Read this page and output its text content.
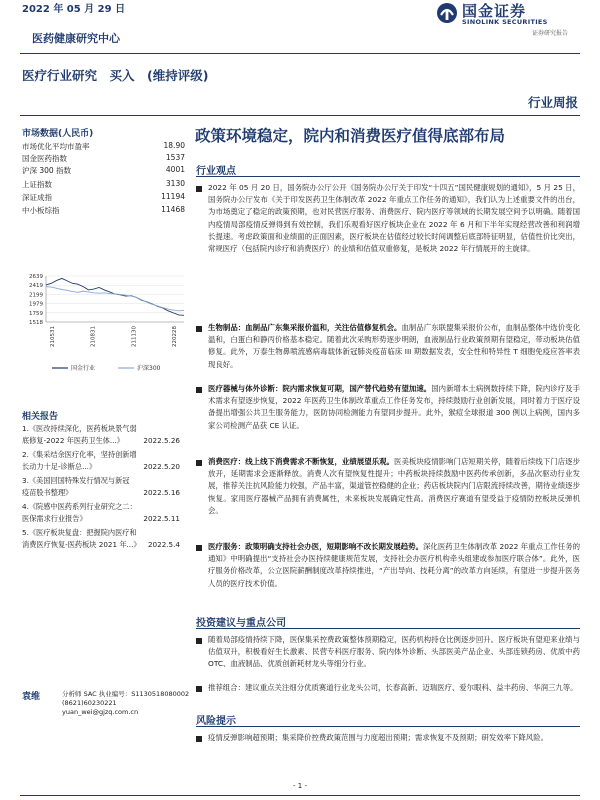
2022 年 05 月 29 日	国金证券
SINOLINK SECURITIES
证券研究报告
医药健康研究中心
医疗行业研究　买入　(维持评级)
行业周报
政策环境稳定，院内和消费医疗值得底部布局
市场数据(人民币)
市场优化平均市盈率	18.90
国金医药指数	1537
沪深 300 指数	4001
上证指数	3130
深证成指	11194
中小板综指	11468
2639
2419
2199
1979
1759
1518
210531	210831	211130	220228
国金行业	沪深300
相关报告
1.《医改持续深化，医药板块景气弱
底修复-2022 年医药卫生体...》	2022.5.26
2.《集采结余医疗化率，坚持创新增
长动力十足-诊断总...》	2022.5.20
3.《美国回国特殊发行情况与新冠
疫苗股书整理》	2022.5.16
4.《院感中医药系列行业研究之二：
医保需求行业报告》	2022.5.11
5.《医疗板块复盘：把握院内医疗和
消费医疗恢复-医药板块 2021 年...》 2022.5.4
袁维	分析师 SAC 执业编号：S1130518080002
(8621)60230221
yuan_wei@gjzq.com.cn
行业观点
2022 年 05 月 20 日，国务院办公厅公开《国务院办公厅关于印发“十四五”国民健康规划的通知》，5 月 25 日，国务院办公厅发布《关于印发医药卫生体制改革 2022 年重点工作任务的通知》，我们认为上述重要文件的出台，为市场奠定了稳定的政策预期，也对民营医疗服务、消费医疗、院内医疗等领域的长期发展空间予以明确。随着国内疫情局部疫情反弹得到有效控制，我们乐观看好医疗板块企业在 2022 年 6 月和下半年实现经营改善和利润增长提速。考虑政策面和业绩面的正面因素，医疗板块在估值经过较长时间调整后底部特征明显，估值性价比突出，常规医疗（包括院内诊疗和消费医疗）的业绩和估值双重修复，是板块 2022 年行情展开的主旋律。
生物制品：血制品广东集采报价温和，关注估值修复机会。血制品广东联盟集采报价公布，血制品整体中选价变化温和，白蛋白和静丙价格基本稳定。随着此次采购形势逐步明朗，血液制品行业政策预期有望稳定，带动板块估值修复。此外，万泰生物鼻喷流感病毒载体新冠肺炎疫苗临床 III 期数据发表，安全性和特异性 T 细胞免疫应答率表现良好。
医疗器械与体外诊断：院内需求恢复可期，国产替代趋势有望加速。国内新增本土病例数持续下降，院内诊疗及手术需求有望逐步恢复，2022 年医药卫生体制改革重点工作任务发布，持续鼓励行业创新发展，同时着力于医疗设备提出增强公共卫生服务能力，医防协同检测能力有望同步提升。此外，猴痘全球报道 300 例以上病例，国内多家公司检测产品获 CE 认证。
消费医疗：线上线下消费需求不断恢复，业绩展望乐观。医美板块疫情影响门店短期关停，随着后续线下门店逐步放开，延期需求会逐渐释放。消费人次有望恢复性提升；中药板块持续鼓励中医药传承创新，多品次驱动行业发展，推荐关注抗风险能力较强，产品丰富，渠道管控稳健的企业；药店板块院内门店限流持续改善，期待业绩逐步恢复。家用医疗器械产品拥有消费属性，未来板块发展确定性高。消费医疗赛道有望受益于疫情防控板块反弹机会。
医疗服务：政策明确支持社会办医，短期影响不改长期发展趋势。深化医药卫生体制改革 2022 年重点工作任务的通知》中明确提出“支持社会办医持续健康规范发展，支持社会办医疗机构牵头组建或参加医疗联合体”。此外，医疗服务价格改革，公立医院薪酬制度改革持续推进，“产出导向、技耗分离”的改革方向延续，有望进一步提升医务人员的医疗技术价值。
投资建议与重点公司
随着局部疫情持续下降，医保集采控费政策整体预期稳定，医药机构持仓比例逐步回升。医疗板块有望迎来业绩与估值双升，积极看好生长激素、民营专科医疗服务、院内体外诊断、头部医美产品企业、头部连锁药房、优质中药 OTC、血液制品、优质创新耗材龙头等细分行业。
推荐组合：建议重点关注细分优质赛道行业龙头公司，长春高新、迈瑞医疗、爱尔眼科、益丰药房、华润三九等。
风险提示
疫情反弹影响超预期；集采降价控费政策范围与力度超出预期；需求恢复不及预期；研发效率下降风险。
- 1 -
